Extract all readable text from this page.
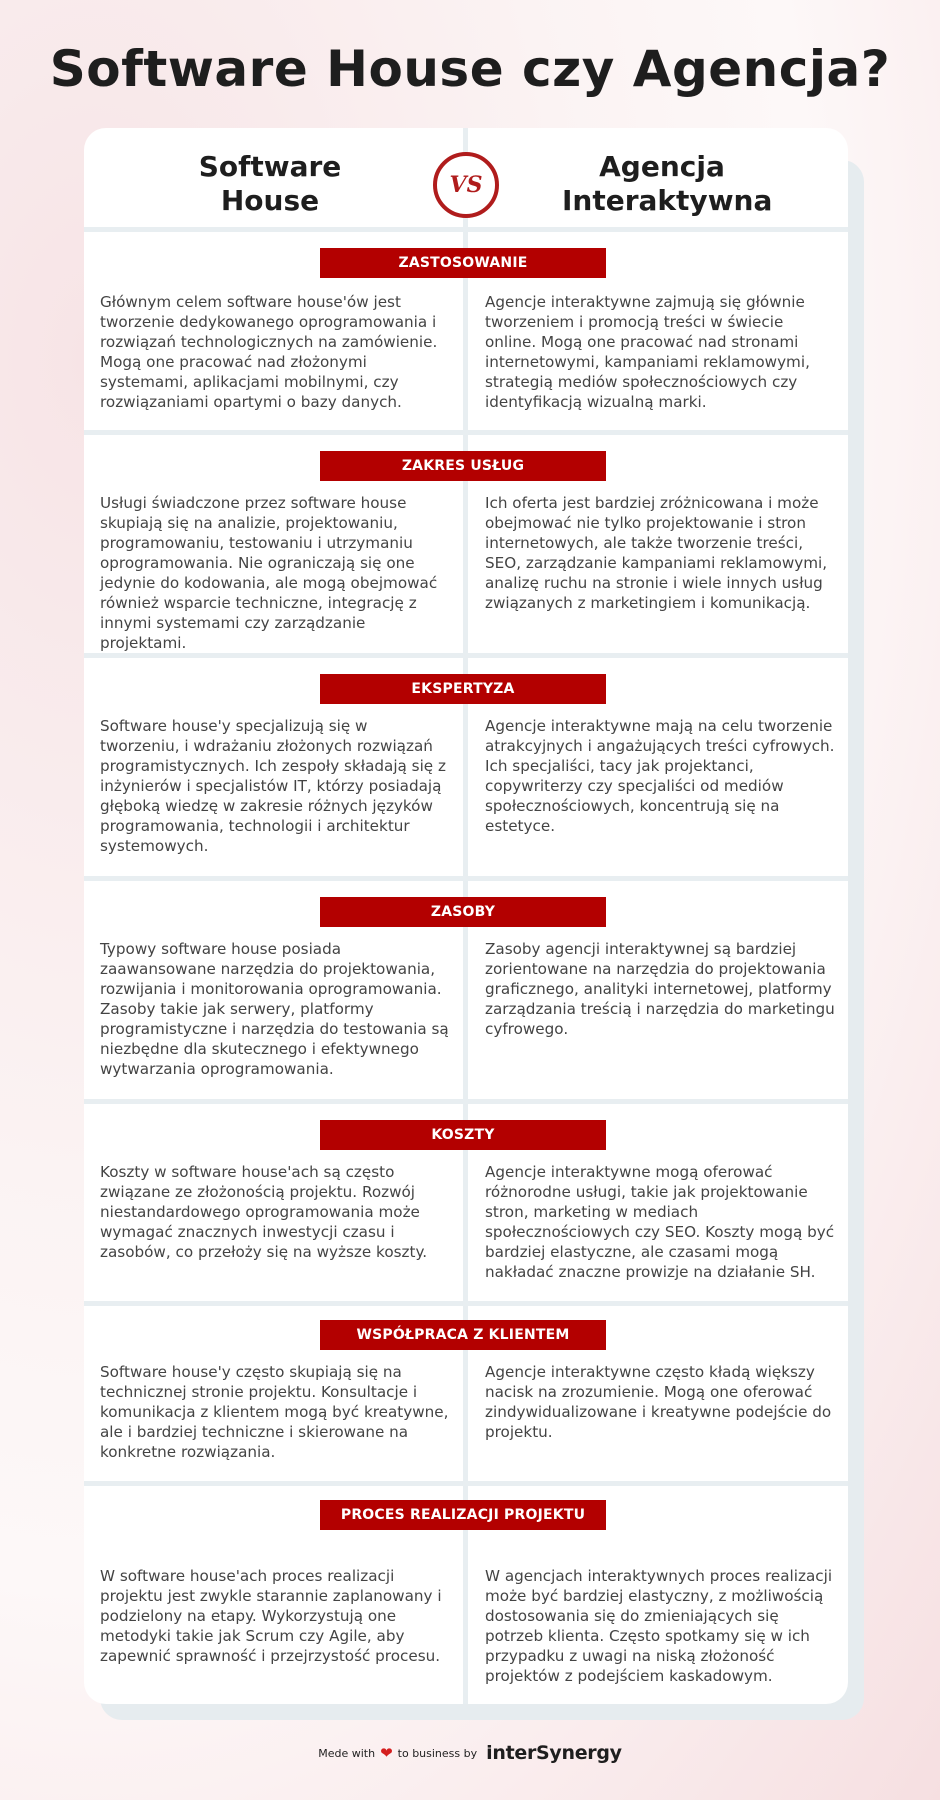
Software House czy Agencja?
Software House
Agencja Interaktywna
VS
ZASTOSOWANIE
Głównym celem software house'ów jest tworzenie dedykowanego oprogramowania i rozwiązań technologicznych na zamówienie. Mogą one pracować nad złożonymi systemami, aplikacjami mobilnymi, czy rozwiązaniami opartymi o bazy danych.
Agencje interaktywne zajmują się głównie tworzeniem i promocją treści w świecie online. Mogą one pracować nad stronami internetowymi, kampaniami reklamowymi, strategią mediów społecznościowych czy identyfikacją wizualną marki.
ZAKRES USŁUG
Usługi świadczone przez software house skupiają się na analizie, projektowaniu, programowaniu, testowaniu i utrzymaniu oprogramowania. Nie ograniczają się one jedynie do kodowania, ale mogą obejmować również wsparcie techniczne, integrację z innymi systemami czy zarządzanie projektami.
Ich oferta jest bardziej zróżnicowana i może obejmować nie tylko projektowanie i stron internetowych, ale także tworzenie treści, SEO, zarządzanie kampaniami reklamowymi, analizę ruchu na stronie i wiele innych usług związanych z marketingiem i komunikacją.
EKSPERTYZA
Software house'y specjalizują się w tworzeniu, i wdrażaniu złożonych rozwiązań programistycznych. Ich zespoły składają się z inżynierów i specjalistów IT, którzy posiadają głęboką wiedzę w zakresie różnych języków programowania, technologii i architektur systemowych.
Agencje interaktywne mają na celu tworzenie atrakcyjnych i angażujących treści cyfrowych. Ich specjaliści, tacy jak projektanci, copywriterzy czy specjaliści od mediów społecznościowych, koncentrują się na estetyce.
ZASOBY
Typowy software house posiada zaawansowane narzędzia do projektowania, rozwijania i monitorowania oprogramowania. Zasoby takie jak serwery, platformy programistyczne i narzędzia do testowania są niezbędne dla skutecznego i efektywnego wytwarzania oprogramowania.
Zasoby agencji interaktywnej są bardziej zorientowane na narzędzia do projektowania graficznego, analityki internetowej, platformy zarządzania treścią i narzędzia do marketingu cyfrowego.
KOSZTY
Koszty w software house'ach są często związane ze złożonością projektu. Rozwój niestandardowego oprogramowania może wymagać znacznych inwestycji czasu i zasobów, co przełoży się na wyższe koszty.
Agencje interaktywne mogą oferować różnorodne usługi, takie jak projektowanie stron, marketing w mediach społecznościowych czy SEO. Koszty mogą być bardziej elastyczne, ale czasami mogą nakładać znaczne prowizje na działanie SH.
WSPÓŁPRACA Z KLIENTEM
Software house'y często skupiają się na technicznej stronie projektu. Konsultacje i komunikacja z klientem mogą być kreatywne, ale i bardziej techniczne i skierowane na konkretne rozwiązania.
Agencje interaktywne często kładą większy nacisk na zrozumienie. Mogą one oferować zindywidualizowane i kreatywne podejście do projektu.
PROCES REALIZACJI PROJEKTU
W software house'ach proces realizacji projektu jest zwykle starannie zaplanowany i podzielony na etapy. Wykorzystują one metodyki takie jak Scrum czy Agile, aby zapewnić sprawność i przejrzystość procesu.
W agencjach interaktywnych proces realizacji może być bardziej elastyczny, z możliwością dostosowania się do zmieniających się potrzeb klienta. Często spotkamy się w ich przypadku z uwagi na niską złożoność projektów z podejściem kaskadowym.
Mede with ❤ to business by interSynergy
